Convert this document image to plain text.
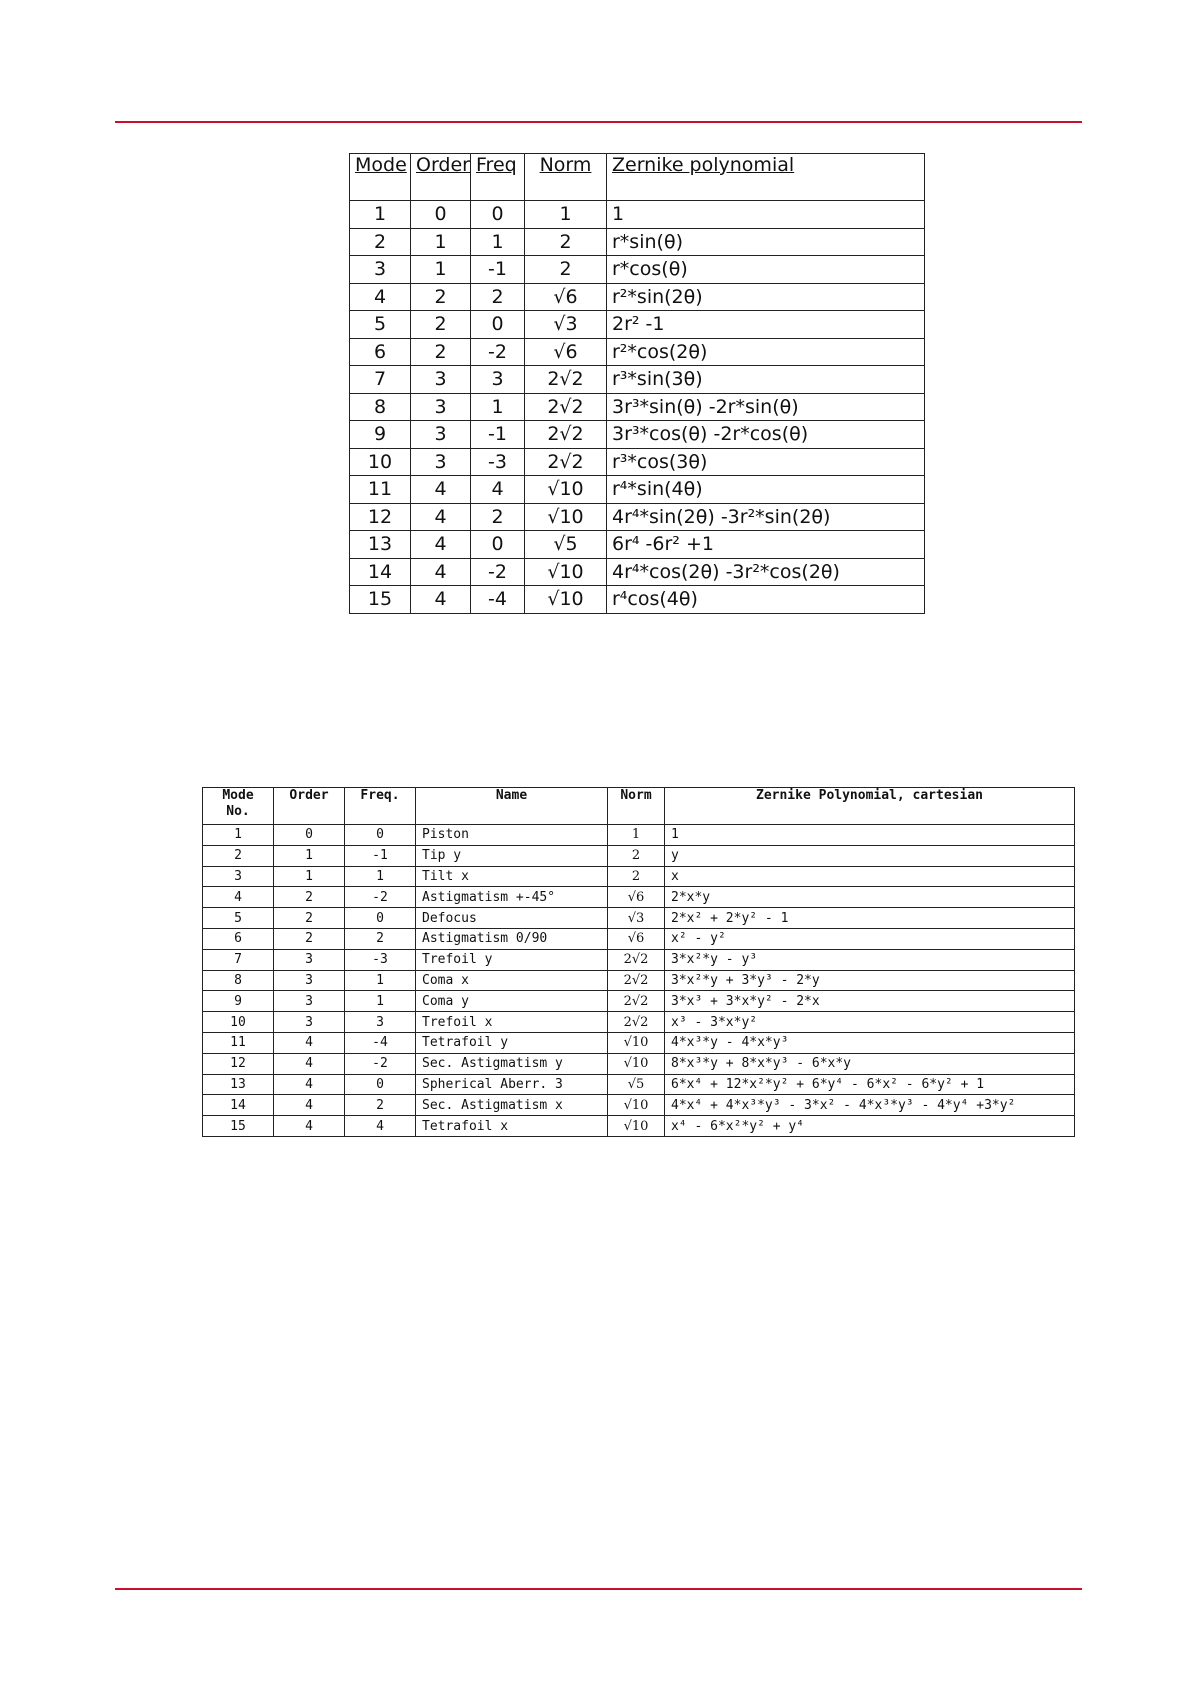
Mode	Order	Freq	Norm	Zernike polynomial
1	0	0	1	1
2	1	1	2	r*sin(θ)
3	1	-1	2	r*cos(θ)
4	2	2	√6	r²*sin(2θ)
5	2	0	√3	2r² -1
6	2	-2	√6	r²*cos(2θ)
7	3	3	2√2	r³*sin(3θ)
8	3	1	2√2	3r³*sin(θ) -2r*sin(θ)
9	3	-1	2√2	3r³*cos(θ) -2r*cos(θ)
10	3	-3	2√2	r³*cos(3θ)
11	4	4	√10	r⁴*sin(4θ)
12	4	2	√10	4r⁴*sin(2θ) -3r²*sin(2θ)
13	4	0	√5	6r⁴ -6r² +1
14	4	-2	√10	4r⁴*cos(2θ) -3r²*cos(2θ)
15	4	-4	√10	r⁴cos(4θ)
Mode No.	Order	Freq.	Name	Norm	Zernike Polynomial, cartesian
1	0	0	Piston	1	1
2	1	-1	Tip y	2	y
3	1	1	Tilt x	2	x
4	2	-2	Astigmatism +-45°	√6	2*x*y
5	2	0	Defocus	√3	2*x² + 2*y² - 1
6	2	2	Astigmatism 0/90	√6	x² - y²
7	3	-3	Trefoil y	2√2	3*x²*y - y³
8	3	1	Coma x	2√2	3*x²*y + 3*y³ - 2*y
9	3	1	Coma y	2√2	3*x³ + 3*x*y² - 2*x
10	3	3	Trefoil x	2√2	x³ - 3*x*y²
11	4	-4	Tetrafoil y	√10	4*x³*y - 4*x*y³
12	4	-2	Sec. Astigmatism y	√10	8*x³*y + 8*x*y³ - 6*x*y
13	4	0	Spherical Aberr. 3	√5	6*x⁴ + 12*x²*y² + 6*y⁴ - 6*x² - 6*y² + 1
14	4	2	Sec. Astigmatism x	√10	4*x⁴ + 4*x³*y³ - 3*x² - 4*x³*y³ - 4*y⁴ +3*y²
15	4	4	Tetrafoil x	√10	x⁴ - 6*x²*y² + y⁴
